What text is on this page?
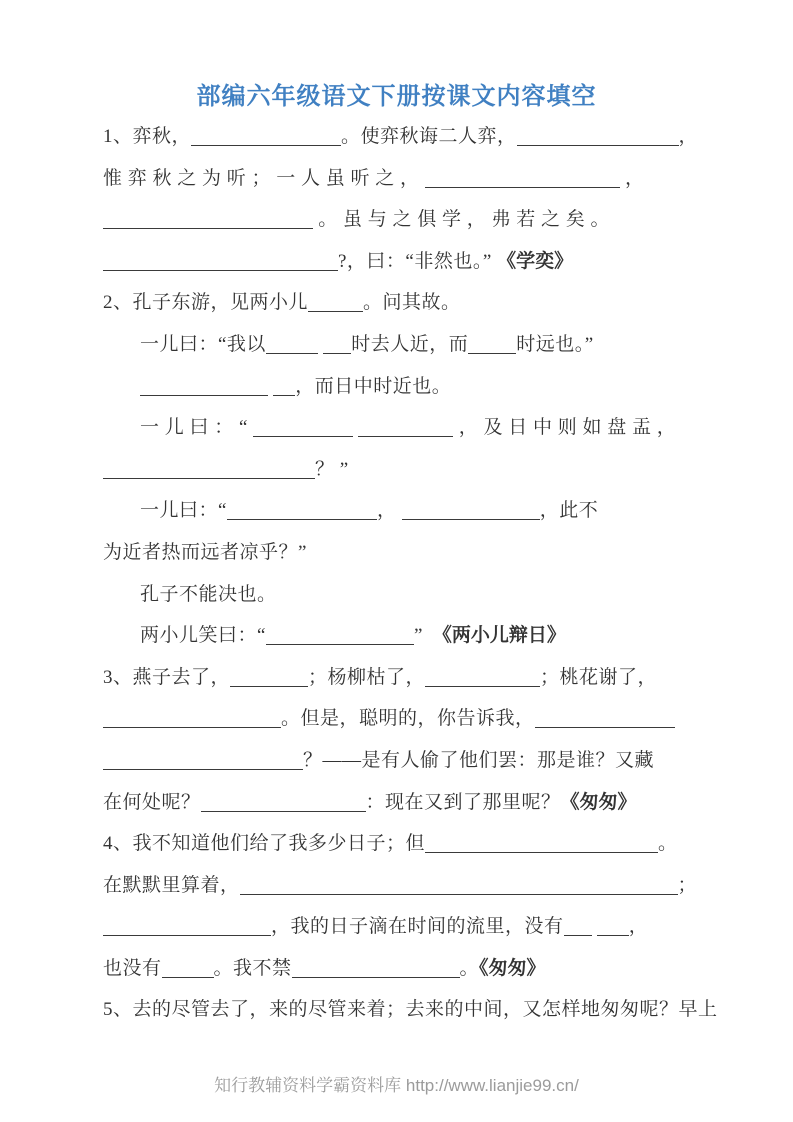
部编六年级语文下册按课文内容填空
1、弈秋，	。使弈秋诲二人弈，	，
惟 弈 秋 之 为 听 ； 一 人 虽 听 之 ，	，
。 虽 与 之 俱 学 ， 弗 若 之 矣 。
?，曰：“非然也。” 《学奕》
2、孔子东游，见两小儿	。问其故。
一儿曰：“我以	时去人近，而	时远也。”
，而日中时近也。
一 儿 曰 ： “	， 及 日 中 则 如 盘 盂 ，
？ ”
一儿曰：“	，	，此不
为近者热而远者凉乎？”
孔子不能决也。
两小儿笑曰：“	”　《两小儿辩日》
3、燕子去了，	；杨柳枯了，	；桃花谢了，
。但是，聪明的，你告诉我，
？——是有人偷了他们罢：那是谁？又藏
在何处呢？	：现在又到了那里呢？《匆匆》
4、我不知道他们给了我多少日子；但	。
在默默里算着，	；
，我的日子滴在时间的流里，没有	，
也没有	。我不禁	。《匆匆》
5、去的尽管去了，来的尽管来着；去来的中间，又怎样地匆匆呢？早上
知行教辅资料学霸资料库 http://www.lianjie99.cn/
